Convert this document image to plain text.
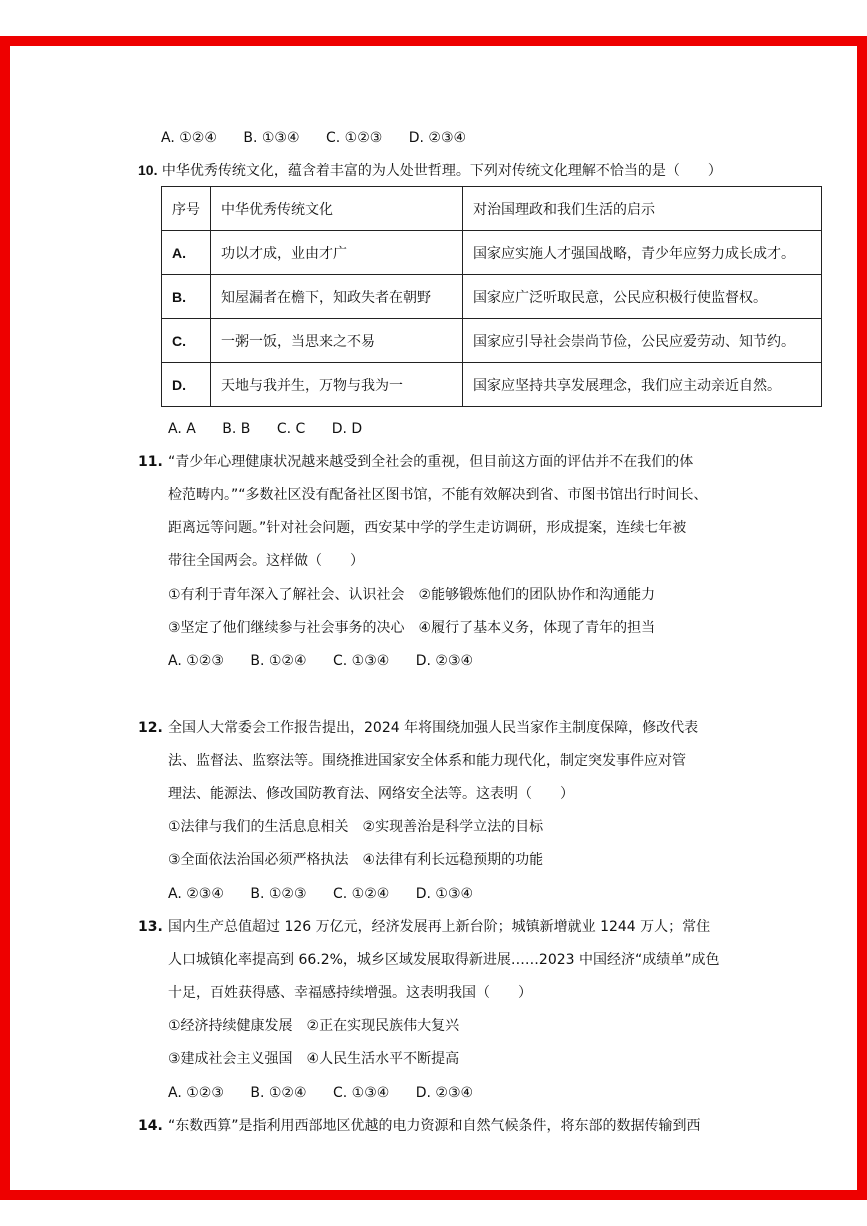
A. ①②④ B. ①③④ C. ①②③ D. ②③④
10. 中华优秀传统文化，蕴含着丰富的为人处世哲理。下列对传统文化理解不恰当的是（　　）
序号	中华优秀传统文化	对治国理政和我们生活的启示
A.	功以才成，业由才广	国家应实施人才强国战略，青少年应努力成长成才。
B.	知屋漏者在檐下，知政失者在朝野	国家应广泛听取民意，公民应积极行使监督权。
C.	一粥一饭，当思来之不易	国家应引导社会崇尚节俭，公民应爱劳动、知节约。
D.	天地与我并生，万物与我为一	国家应坚持共享发展理念，我们应主动亲近自然。
A. A B. B C. C D. D
11. “青少年心理健康状况越来越受到全社会的重视，但目前这方面的评估并不在我们的体
检范畴内。”“多数社区没有配备社区图书馆，不能有效解决到省、市图书馆出行时间长、
距离远等问题。”针对社会问题，西安某中学的学生走访调研，形成提案，连续七年被
带往全国两会。这样做（　　）
①有利于青年深入了解社会、认识社会　②能够锻炼他们的团队协作和沟通能力
③坚定了他们继续参与社会事务的决心　④履行了基本义务，体现了青年的担当
A. ①②③ B. ①②④ C. ①③④ D. ②③④
12. 全国人大常委会工作报告提出，2024 年将围绕加强人民当家作主制度保障，修改代表
法、监督法、监察法等。围绕推进国家安全体系和能力现代化，制定突发事件应对管
理法、能源法、修改国防教育法、网络安全法等。这表明（　　）
①法律与我们的生活息息相关　②实现善治是科学立法的目标
③全面依法治国必须严格执法　④法律有利长远稳预期的功能
A. ②③④ B. ①②③ C. ①②④ D. ①③④
13. 国内生产总值超过 126 万亿元，经济发展再上新台阶；城镇新增就业 1244 万人；常住
人口城镇化率提高到 66.2%，城乡区域发展取得新进展……2023 中国经济“成绩单”成色
十足，百姓获得感、幸福感持续增强。这表明我国（　　）
①经济持续健康发展　②正在实现民族伟大复兴
③建成社会主义强国　④人民生活水平不断提高
A. ①②③ B. ①②④ C. ①③④ D. ②③④
14. “东数西算”是指利用西部地区优越的电力资源和自然气候条件，将东部的数据传输到西
